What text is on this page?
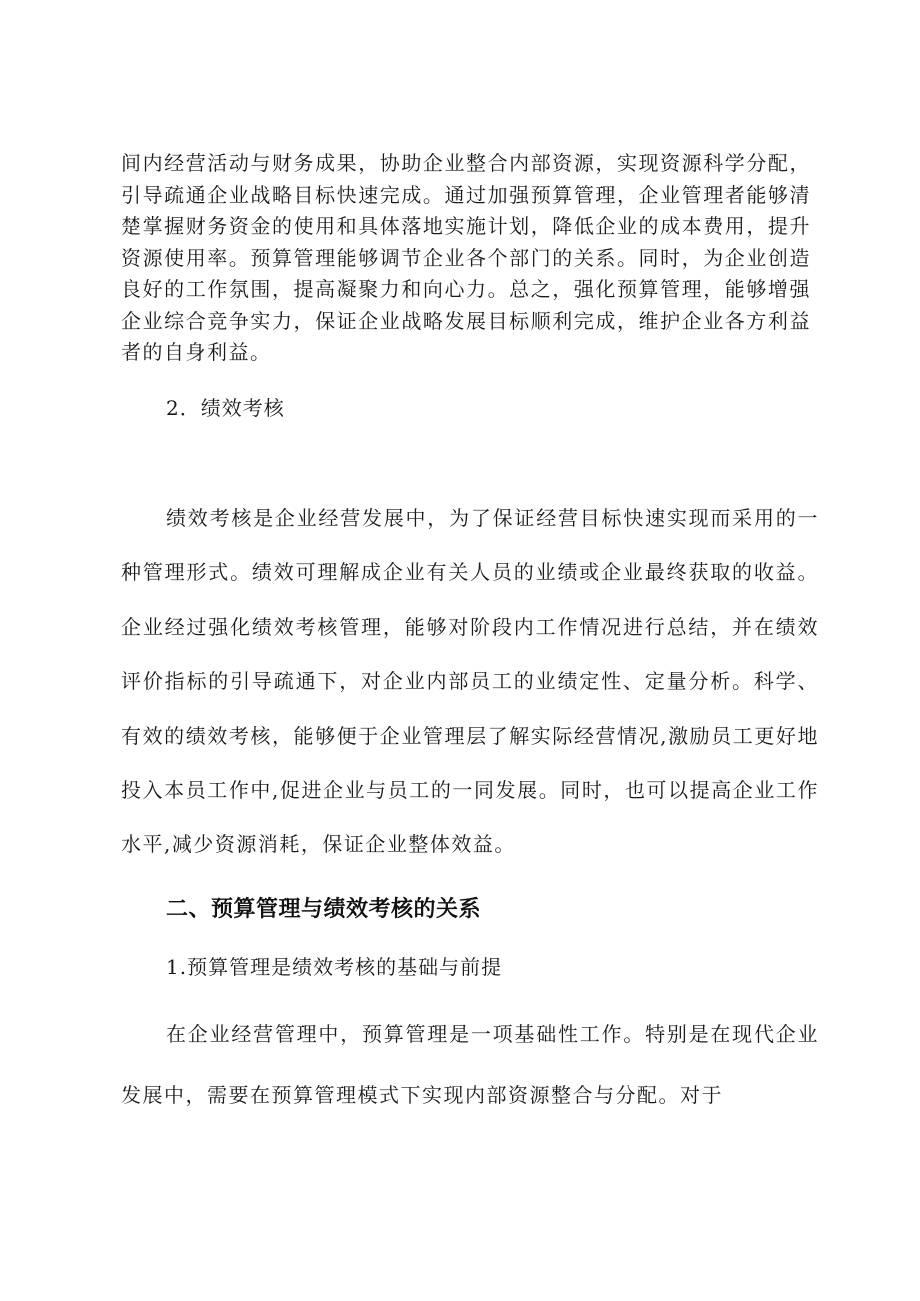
间内经营活动与财务成果，协助企业整合内部资源，实现资源科学分配，引导疏通企业战略目标快速完成。通过加强预算管理，企业管理者能够清楚掌握财务资金的使用和具体落地实施计划，降低企业的成本费用，提升资源使用率。预算管理能够调节企业各个部门的关系。同时，为企业创造良好的工作氛围，提高凝聚力和向心力。总之，强化预算管理，能够增强企业综合竞争实力，保证企业战略发展目标顺利完成，维护企业各方利益者的自身利益。

2．绩效考核

绩效考核是企业经营发展中，为了保证经营目标快速实现而采用的一种管理形式。绩效可理解成企业有关人员的业绩或企业最终获取的收益。企业经过强化绩效考核管理，能够对阶段内工作情况进行总结，并在绩效评价指标的引导疏通下，对企业内部员工的业绩定性、定量分析。科学、有效的绩效考核，能够便于企业管理层了解实际经营情况,激励员工更好地投入本员工作中,促进企业与员工的一同发展。同时，也可以提高企业工作水平,减少资源消耗，保证企业整体效益。

二、预算管理与绩效考核的关系

1.预算管理是绩效考核的基础与前提

在企业经营管理中，预算管理是一项基础性工作。特别是在现代企业发展中，需要在预算管理模式下实现内部资源整合与分配。对于
